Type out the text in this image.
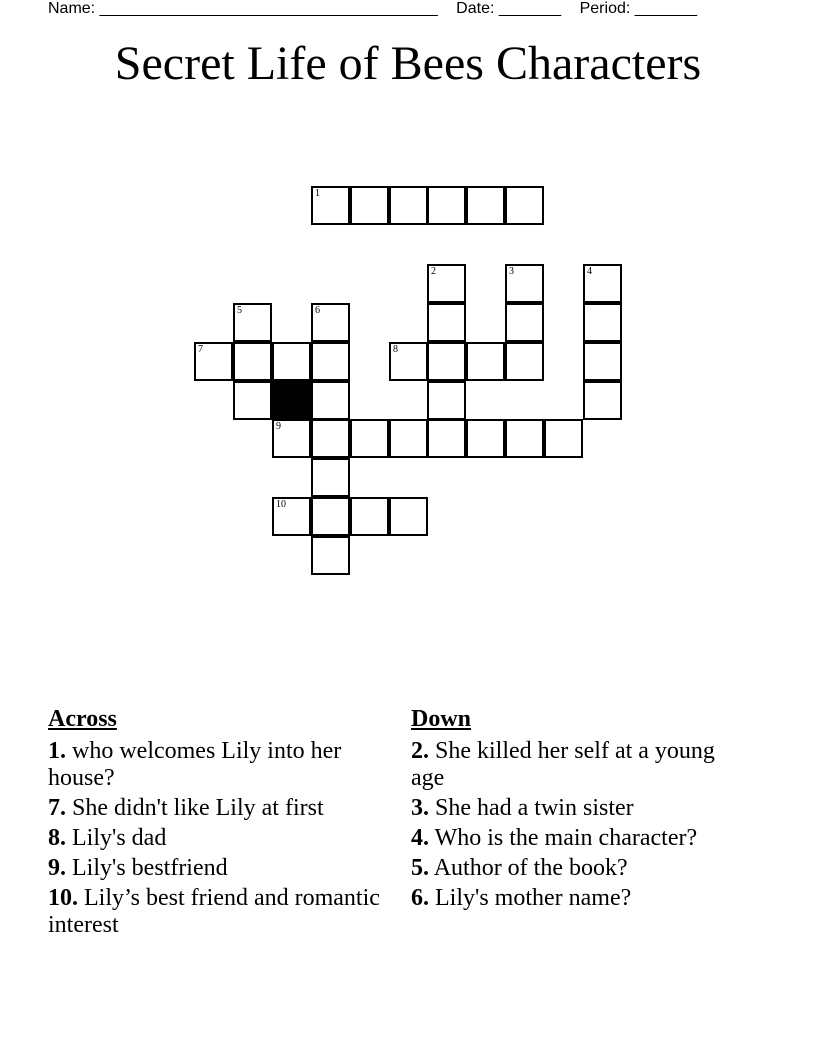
Name: ______________________________________ Date: _______ Period: _______
Secret Life of Bees Characters
1
2	3	4
5	6
7	8
9
10
Across
1. who welcomes Lily into her house?
7. She didn't like Lily at first
8. Lily's dad
9. Lily's bestfriend
10. Lily’s best friend and romantic interest
Down
2. She killed her self at a young age
3. She had a twin sister
4. Who is the main character?
5. Author of the book?
6. Lily's mother name?
